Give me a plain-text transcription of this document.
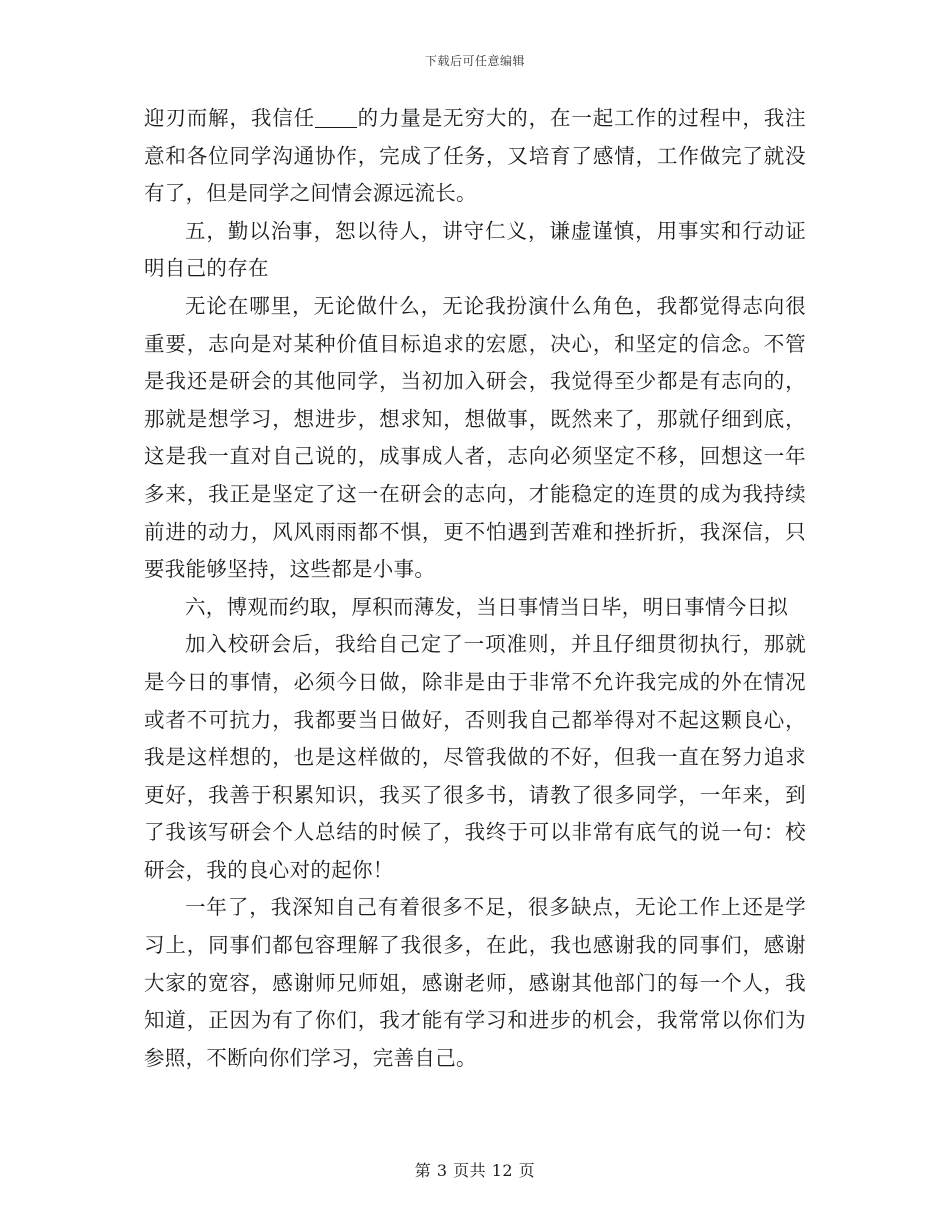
下载后可任意编辑

迎刃而解，我信任 的力量是无穷大的，在一起工作的过程中，我注意和各位同学沟通协作，完成了任务，又培育了感情，工作做完了就没有了，但是同学之间情会源远流长。

五，勤以治事，恕以待人，讲守仁义，谦虚谨慎，用事实和行动证明自己的存在

无论在哪里，无论做什么，无论我扮演什么角色，我都觉得志向很重要，志向是对某种价值目标追求的宏愿，决心，和坚定的信念。不管是我还是研会的其他同学，当初加入研会，我觉得至少都是有志向的，那就是想学习，想进步，想求知，想做事，既然来了，那就仔细到底，这是我一直对自己说的，成事成人者，志向必须坚定不移，回想这一年多来，我正是坚定了这一在研会的志向，才能稳定的连贯的成为我持续前进的动力，风风雨雨都不惧，更不怕遇到苦难和挫折折，我深信，只要我能够坚持，这些都是小事。

六，博观而约取，厚积而薄发，当日事情当日毕，明日事情今日拟

加入校研会后，我给自己定了一项准则，并且仔细贯彻执行，那就是今日的事情，必须今日做，除非是由于非常不允许我完成的外在情况或者不可抗力，我都要当日做好，否则我自己都举得对不起这颗良心，我是这样想的，也是这样做的，尽管我做的不好，但我一直在努力追求更好，我善于积累知识，我买了很多书，请教了很多同学，一年来，到了我该写研会个人总结的时候了，我终于可以非常有底气的说一句：校研会，我的良心对的起你！

一年了，我深知自己有着很多不足，很多缺点，无论工作上还是学习上，同事们都包容理解了我很多，在此，我也感谢我的同事们，感谢大家的宽容，感谢师兄师姐，感谢老师，感谢其他部门的每一个人，我知道，正因为有了你们，我才能有学习和进步的机会，我常常以你们为参照，不断向你们学习，完善自己。

第 3 页共 12 页
